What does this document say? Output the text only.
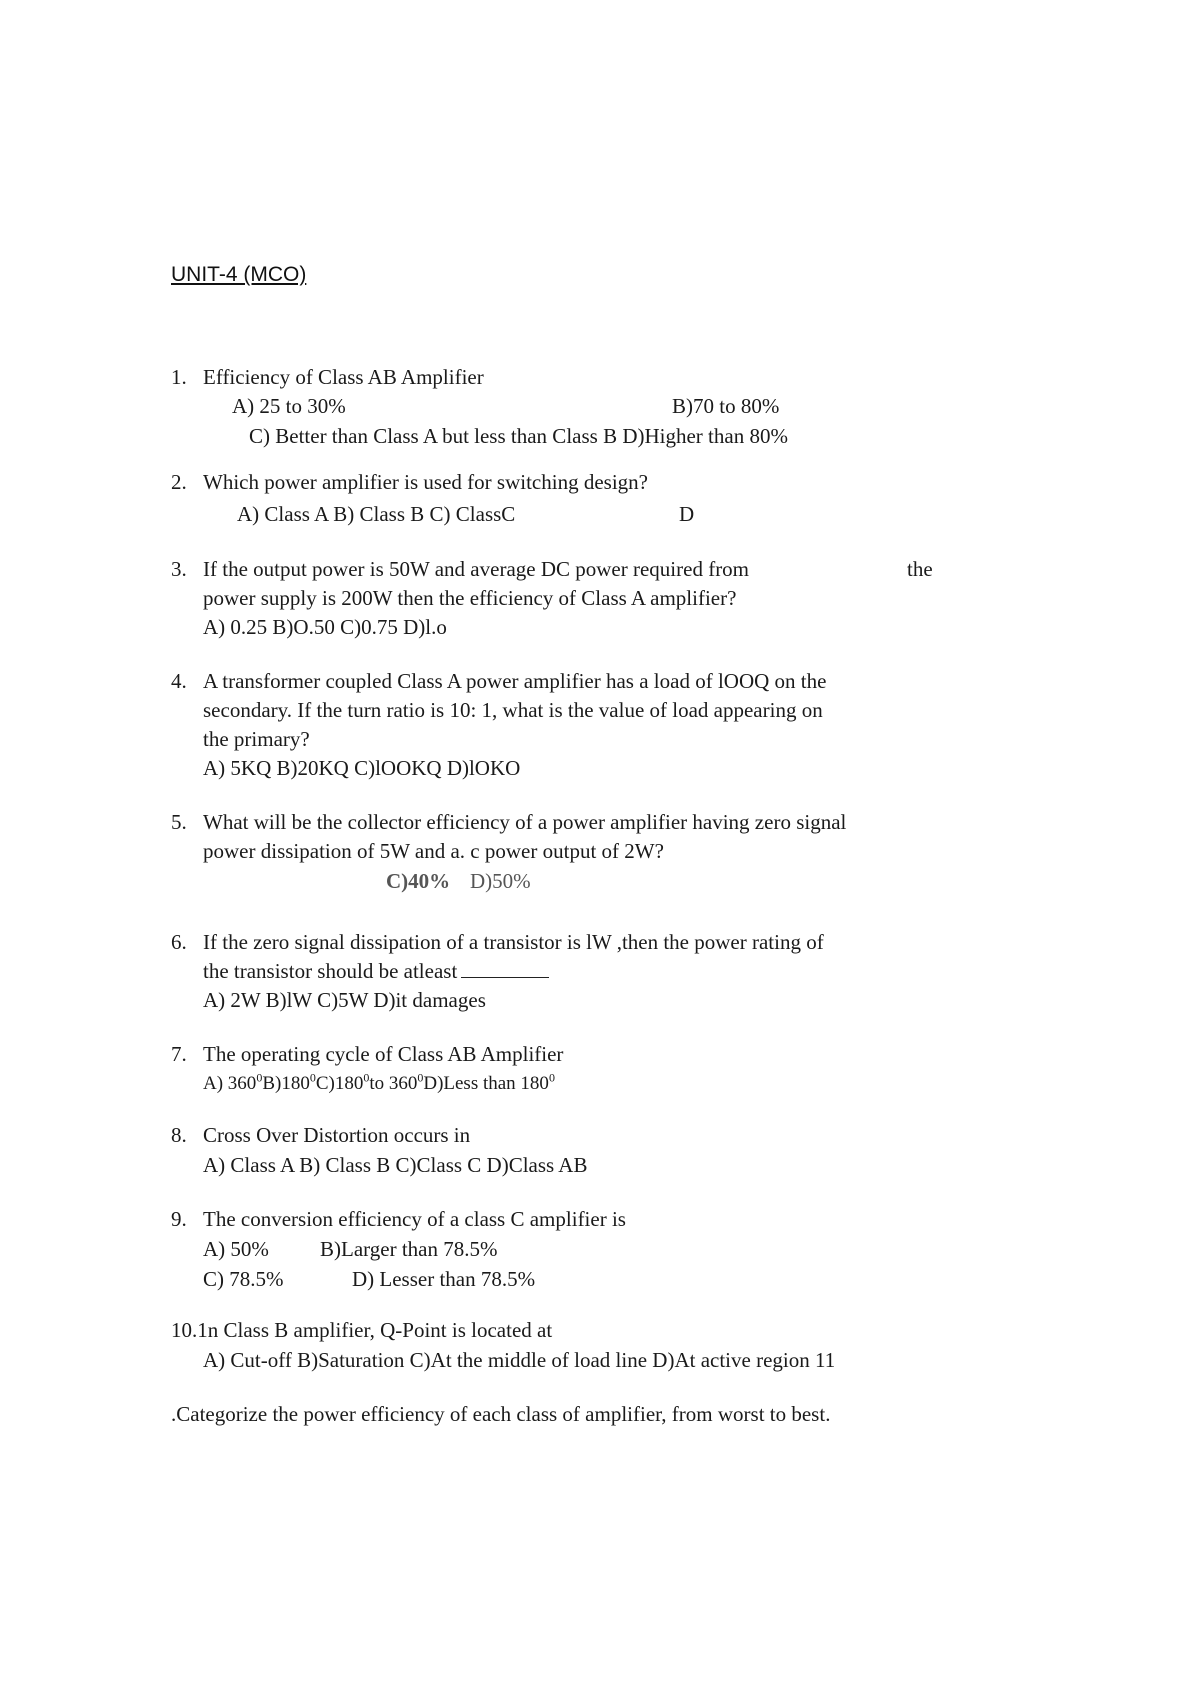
UNIT-4 (MCO)
1. Efficiency of Class AB Amplifier
A) 25 to 30%	B)70 to 80%
C) Better than Class A but less than Class B D)Higher than 80%
2. Which power amplifier is used for switching design?
A) Class A B) Class B C) ClassC	D
3. If the output power is 50W and average DC power required from	the
power supply is 200W then the efficiency of Class A amplifier?
A) 0.25 B)O.50 C)0.75 D)l.o
4. A transformer coupled Class A power amplifier has a load of lOOQ on the
secondary. If the turn ratio is 10: 1, what is the value of load appearing on
the primary?
A) 5KQ B)20KQ C)lOOKQ D)lOKO
5. What will be the collector efficiency of a power amplifier having zero signal
power dissipation of 5W and a. c power output of 2W?
C)40% D)50%
6. If the zero signal dissipation of a transistor is lW ,then the power rating of
the transistor should be atleast
A) 2W B)lW C)5W D)it damages
7. The operating cycle of Class AB Amplifier
A) $360^0B)180^0C)180^0to$ $360^0D)Less$ than $180^0$
8. Cross Over Distortion occurs in
A) Class A B) Class B C)Class C D)Class AB
9. The conversion efficiency of a class C amplifier is
A) 50% B)Larger than 78.5%
C) 78.5%	D) Lesser than 78.5%
10.1n Class B amplifier, Q-Point is located at
A) Cut-off B)Saturation C)At the middle of load line D)At active region 11
.Categorize the power efficiency of each class of amplifier, from worst to best.
